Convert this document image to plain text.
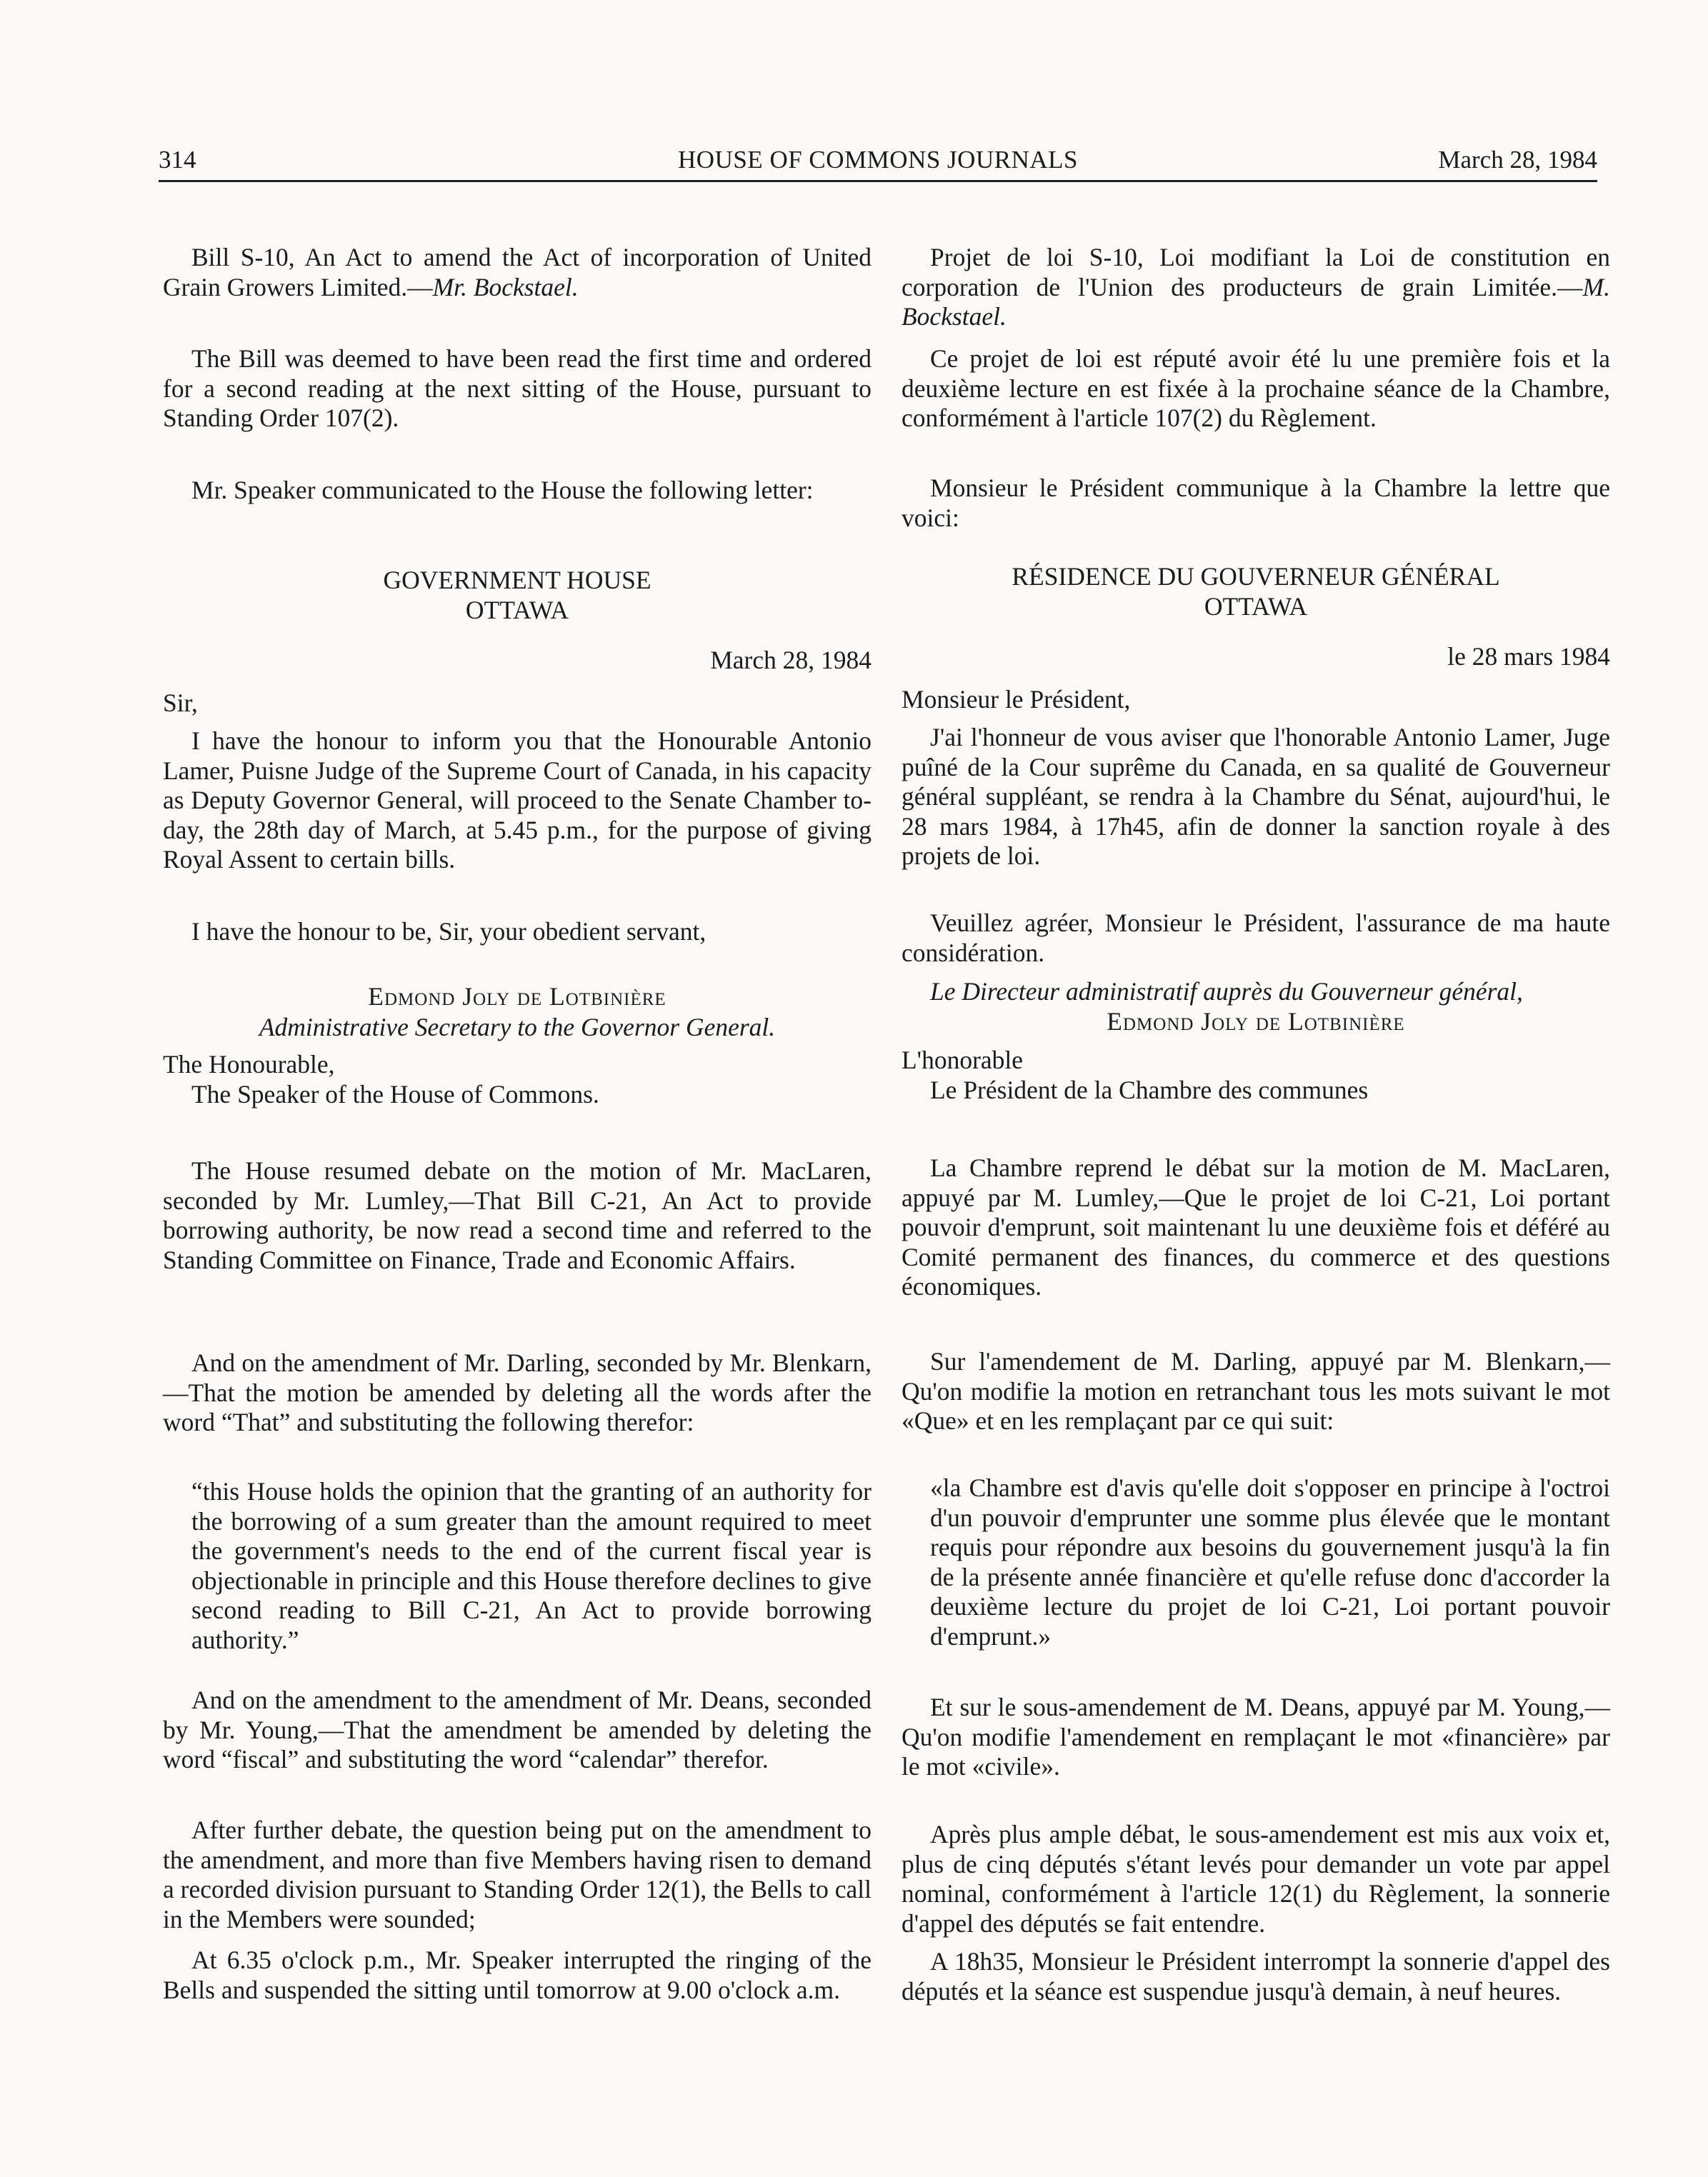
314	HOUSE OF COMMONS JOURNALS	March 28, 1984

Bill S-10, An Act to amend the Act of incorporation of United Grain Growers Limited.—Mr. Bockstael.

The Bill was deemed to have been read the first time and ordered for a second reading at the next sitting of the House, pursuant to Standing Order 107(2).

Mr. Speaker communicated to the House the following letter:

GOVERNMENT HOUSE
OTTAWA
March 28, 1984
Sir,

I have the honour to inform you that the Honourable Antonio Lamer, Puisne Judge of the Supreme Court of Canada, in his capacity as Deputy Governor General, will proceed to the Senate Chamber to-day, the 28th day of March, at 5.45 p.m., for the purpose of giving Royal Assent to certain bills.

I have the honour to be, Sir, your obedient servant,

Edmond Joly de Lotbinière
Administrative Secretary to the Governor General.
The Honourable,
The Speaker of the House of Commons.

The House resumed debate on the motion of Mr. MacLaren, seconded by Mr. Lumley,—That Bill C-21, An Act to provide borrowing authority, be now read a second time and referred to the Standing Committee on Finance, Trade and Economic Affairs.

And on the amendment of Mr. Darling, seconded by Mr. Blenkarn,—That the motion be amended by deleting all the words after the word “That” and substituting the following therefor:

“this House holds the opinion that the granting of an authority for the borrowing of a sum greater than the amount required to meet the government's needs to the end of the current fiscal year is objectionable in principle and this House therefore declines to give second reading to Bill C-21, An Act to provide borrowing authority.”

And on the amendment to the amendment of Mr. Deans, seconded by Mr. Young,—That the amendment be amended by deleting the word “fiscal” and substituting the word “calendar” therefor.

After further debate, the question being put on the amendment to the amendment, and more than five Members having risen to demand a recorded division pursuant to Standing Order 12(1), the Bells to call in the Members were sounded;

At 6.35 o'clock p.m., Mr. Speaker interrupted the ringing of the Bells and suspended the sitting until tomorrow at 9.00 o'clock a.m.

Projet de loi S-10, Loi modifiant la Loi de constitution en corporation de l'Union des producteurs de grain Limitée.—M. Bockstael.

Ce projet de loi est réputé avoir été lu une première fois et la deuxième lecture en est fixée à la prochaine séance de la Chambre, conformément à l'article 107(2) du Règlement.

Monsieur le Président communique à la Chambre la lettre que voici:

RÉSIDENCE DU GOUVERNEUR GÉNÉRAL
OTTAWA
le 28 mars 1984
Monsieur le Président,

J'ai l'honneur de vous aviser que l'honorable Antonio Lamer, Juge puîné de la Cour suprême du Canada, en sa qualité de Gouverneur général suppléant, se rendra à la Chambre du Sénat, aujourd'hui, le 28 mars 1984, à 17h45, afin de donner la sanction royale à des projets de loi.

Veuillez agréer, Monsieur le Président, l'assurance de ma haute considération.

Le Directeur administratif auprès du Gouverneur général,

Edmond Joly de Lotbinière
L'honorable
Le Président de la Chambre des communes

La Chambre reprend le débat sur la motion de M. MacLaren, appuyé par M. Lumley,—Que le projet de loi C-21, Loi portant pouvoir d'emprunt, soit maintenant lu une deuxième fois et déféré au Comité permanent des finances, du commerce et des questions économiques.

Sur l'amendement de M. Darling, appuyé par M. Blenkarn,—Qu'on modifie la motion en retranchant tous les mots suivant le mot «Que» et en les remplaçant par ce qui suit:

«la Chambre est d'avis qu'elle doit s'opposer en principe à l'octroi d'un pouvoir d'emprunter une somme plus élevée que le montant requis pour répondre aux besoins du gouvernement jusqu'à la fin de la présente année financière et qu'elle refuse donc d'accorder la deuxième lecture du projet de loi C-21, Loi portant pouvoir d'emprunt.»

Et sur le sous-amendement de M. Deans, appuyé par M. Young,—Qu'on modifie l'amendement en remplaçant le mot «financière» par le mot «civile».

Après plus ample débat, le sous-amendement est mis aux voix et, plus de cinq députés s'étant levés pour demander un vote par appel nominal, conformément à l'article 12(1) du Règlement, la sonnerie d'appel des députés se fait entendre.

A 18h35, Monsieur le Président interrompt la sonnerie d'appel des députés et la séance est suspendue jusqu'à demain, à neuf heures.
